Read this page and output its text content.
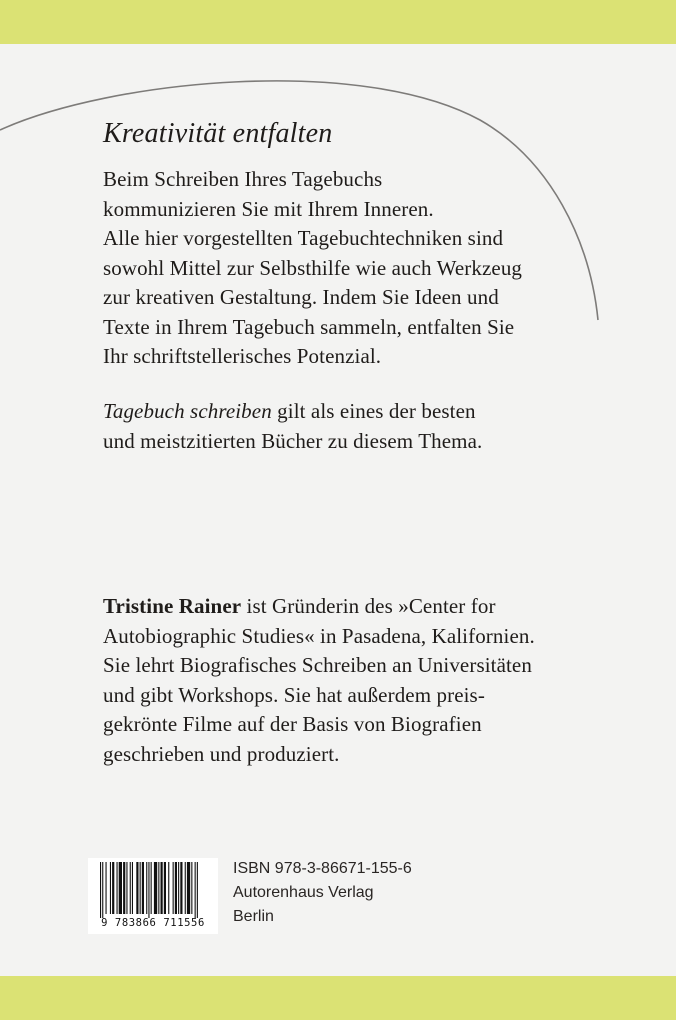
Kreativität entfalten
Beim Schreiben Ihres Tagebuchs
kommunizieren Sie mit Ihrem Inneren.
Alle hier vorgestellten Tagebuchtechniken sind
sowohl Mittel zur Selbsthilfe wie auch Werkzeug
zur kreativen Gestaltung. Indem Sie Ideen und
Texte in Ihrem Tagebuch sammeln, entfalten Sie
Ihr schriftstellerisches Potenzial.
Tagebuch schreiben gilt als eines der besten
und meistzitierten Bücher zu diesem Thema.
Tristine Rainer ist Gründerin des »Center for
Autobiographic Studies« in Pasadena, Kalifornien.
Sie lehrt Biografisches Schreiben an Universitäten
und gibt Workshops. Sie hat außerdem preis-
gekrönte Filme auf der Basis von Biografien
geschrieben und produziert.
9 783866 711556
ISBN 978-3-86671-155-6
Autorenhaus Verlag
Berlin
